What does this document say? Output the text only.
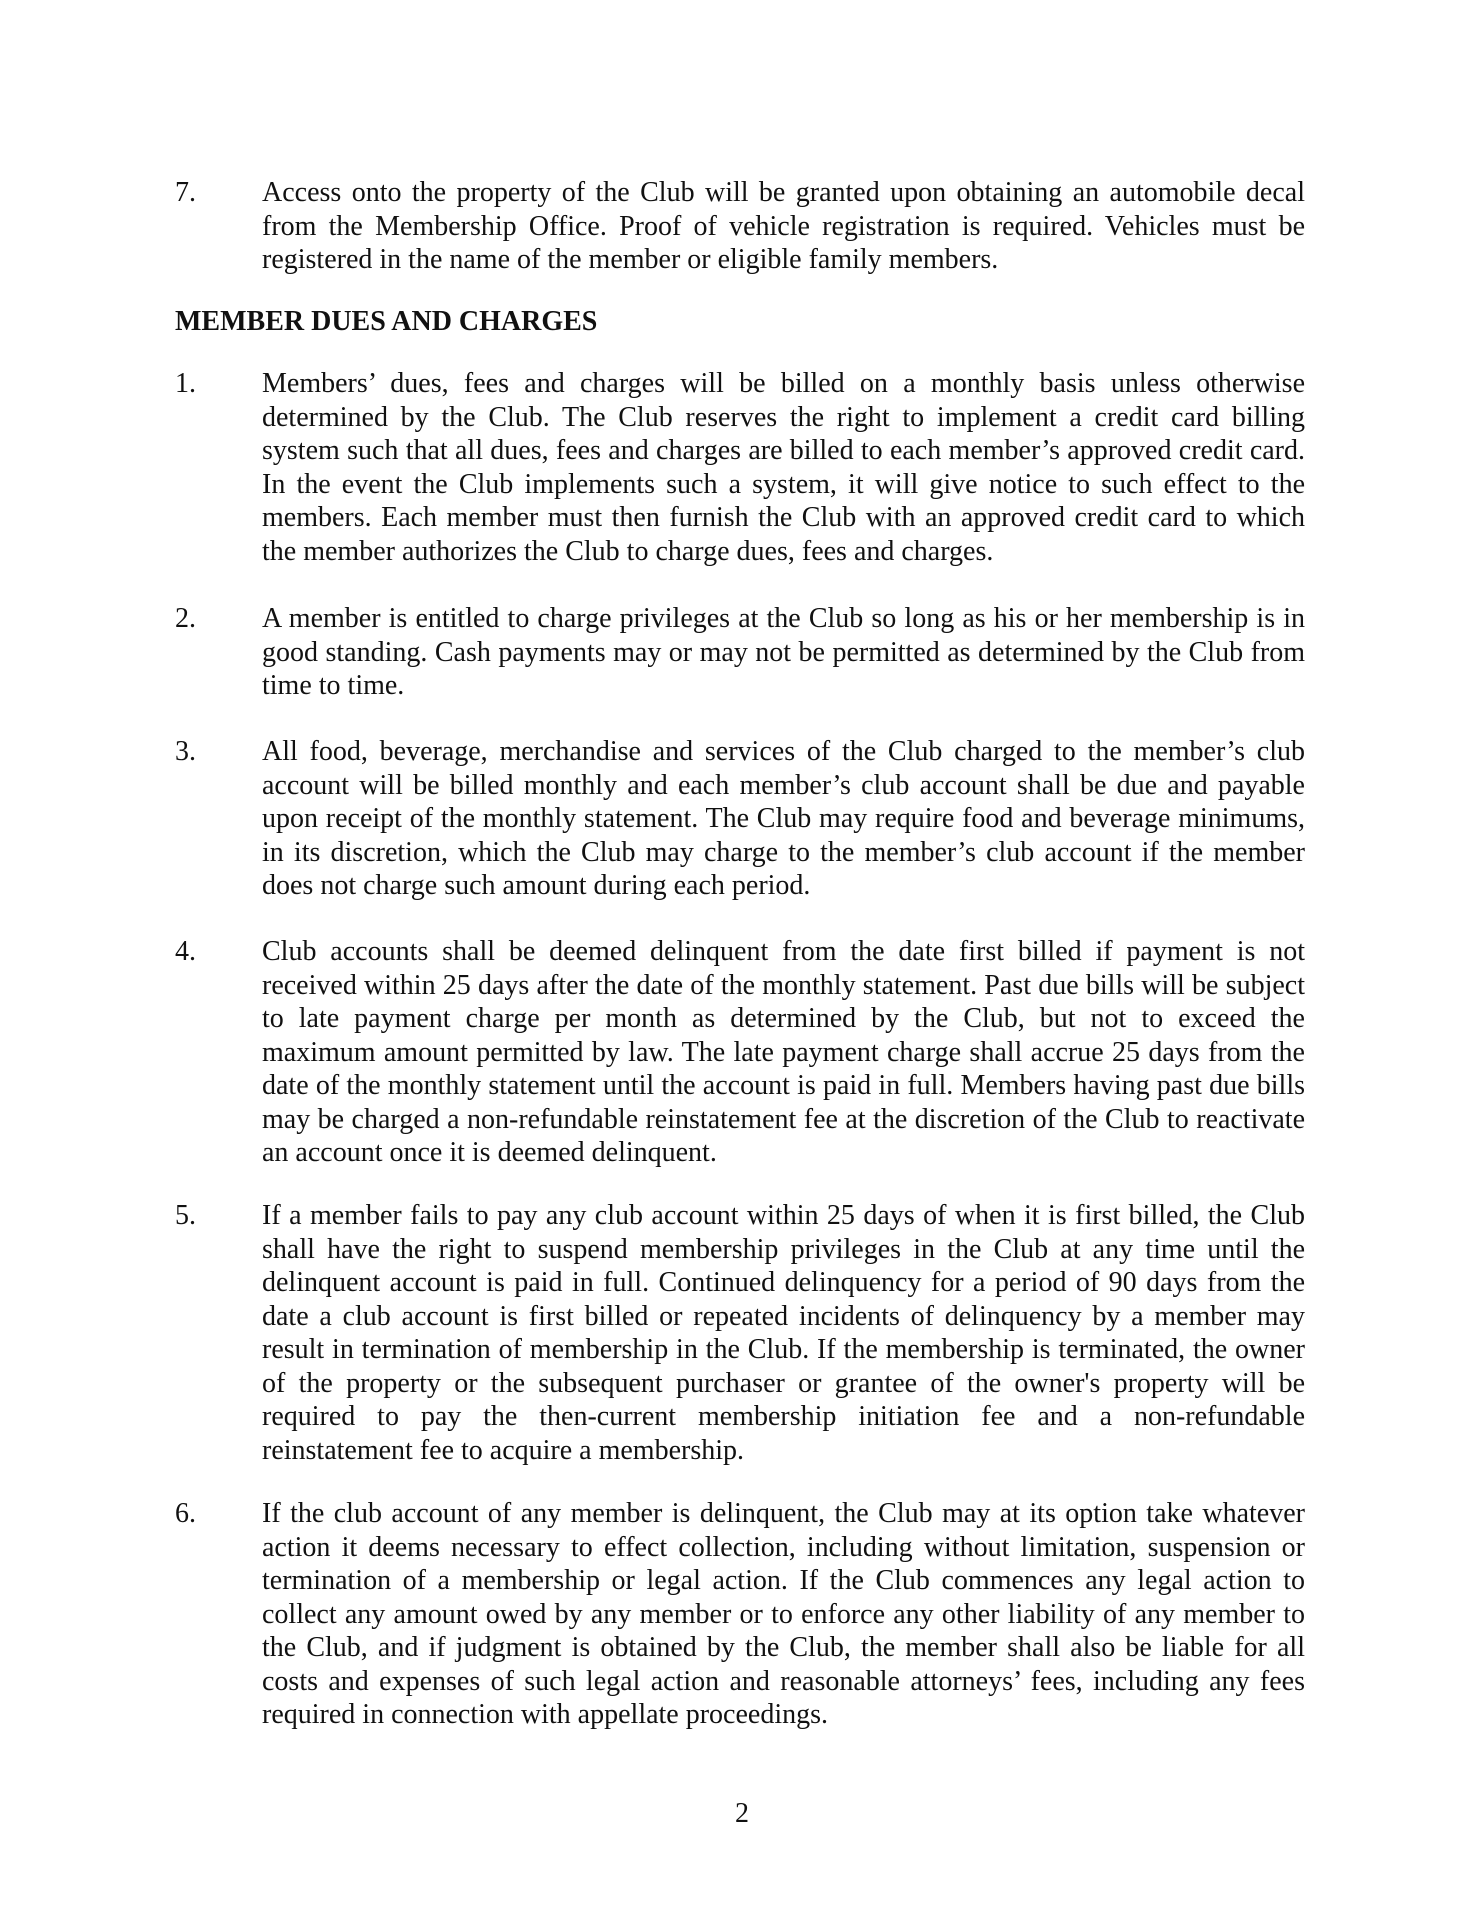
7. Access onto the property of the Club will be granted upon obtaining an automobile decal from the Membership Office. Proof of vehicle registration is required. Vehicles must be registered in the name of the member or eligible family members.
MEMBER DUES AND CHARGES
1. Members’ dues, fees and charges will be billed on a monthly basis unless otherwise determined by the Club. The Club reserves the right to implement a credit card billing system such that all dues, fees and charges are billed to each member’s approved credit card. In the event the Club implements such a system, it will give notice to such effect to the members. Each member must then furnish the Club with an approved credit card to which the member authorizes the Club to charge dues, fees and charges.
2. A member is entitled to charge privileges at the Club so long as his or her membership is in good standing. Cash payments may or may not be permitted as determined by the Club from time to time.
3. All food, beverage, merchandise and services of the Club charged to the member’s club account will be billed monthly and each member’s club account shall be due and payable upon receipt of the monthly statement. The Club may require food and beverage minimums, in its discretion, which the Club may charge to the member’s club account if the member does not charge such amount during each period.
4. Club accounts shall be deemed delinquent from the date first billed if payment is not received within 25 days after the date of the monthly statement. Past due bills will be subject to late payment charge per month as determined by the Club, but not to exceed the maximum amount permitted by law. The late payment charge shall accrue 25 days from the date of the monthly statement until the account is paid in full. Members having past due bills may be charged a non-refundable reinstatement fee at the discretion of the Club to reactivate an account once it is deemed delinquent.
5. If a member fails to pay any club account within 25 days of when it is first billed, the Club shall have the right to suspend membership privileges in the Club at any time until the delinquent account is paid in full. Continued delinquency for a period of 90 days from the date a club account is first billed or repeated incidents of delinquency by a member may result in termination of membership in the Club. If the membership is terminated, the owner of the property or the subsequent purchaser or grantee of the owner's property will be required to pay the then-current membership initiation fee and a non-refundable reinstatement fee to acquire a membership.
6. If the club account of any member is delinquent, the Club may at its option take whatever action it deems necessary to effect collection, including without limitation, suspension or termination of a membership or legal action. If the Club commences any legal action to collect any amount owed by any member or to enforce any other liability of any member to the Club, and if judgment is obtained by the Club, the member shall also be liable for all costs and expenses of such legal action and reasonable attorneys’ fees, including any fees required in connection with appellate proceedings.
2
